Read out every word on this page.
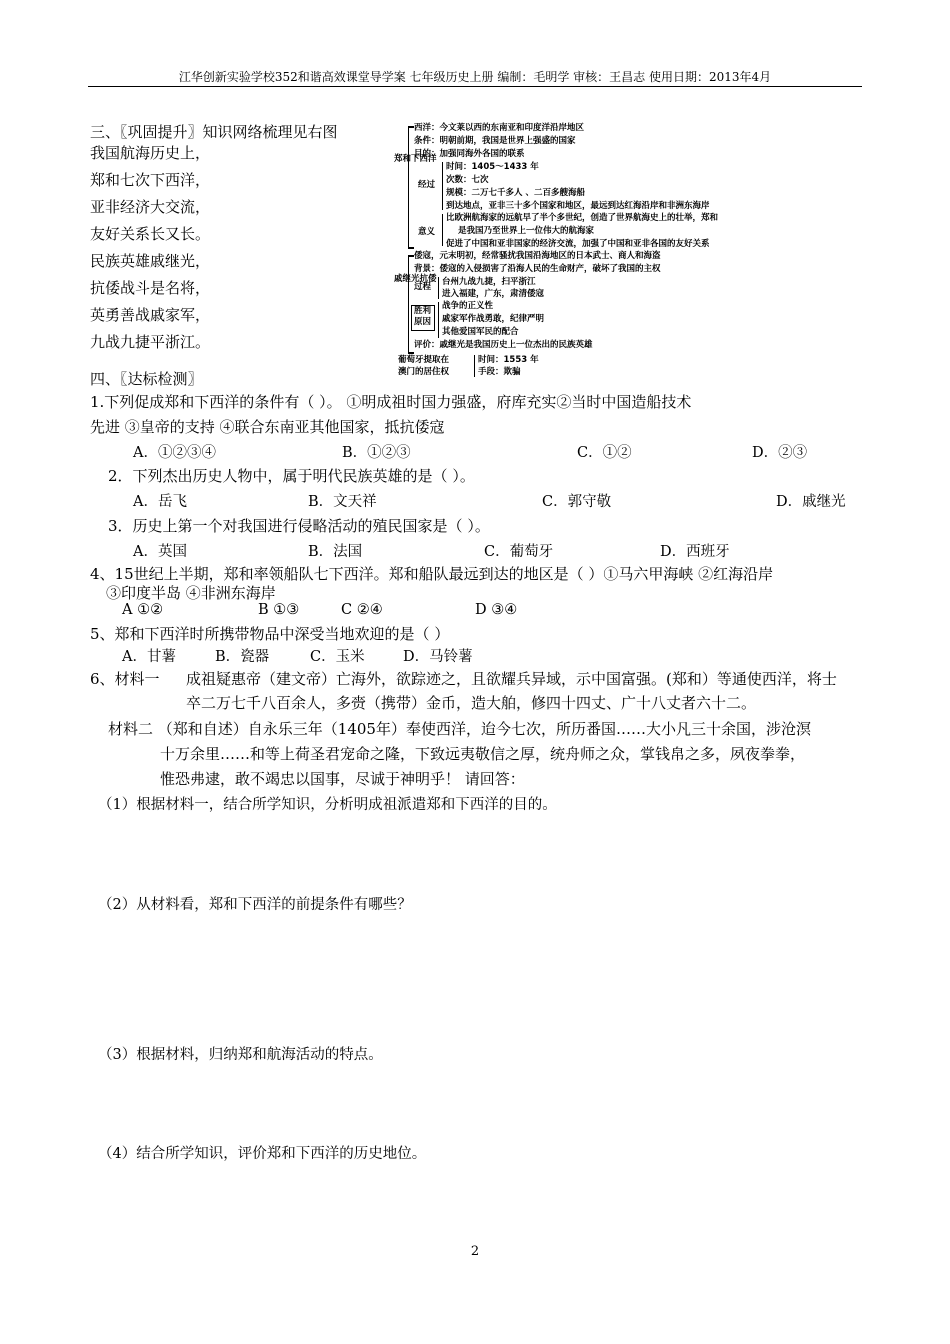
江华创新实验学校352和谐高效课堂导学案 七年级历史上册 编制：毛明学 审核：王昌志 使用日期：2013年4月
三、〖巩固提升〗知识网络梳理见右图
我国航海历史上，
郑和七次下西洋，
亚非经济大交流，
友好关系长又长。
民族英雄戚继光，
抗倭战斗是名将，
英勇善战戚家军，
九战九捷平浙江。
郑和下西洋
西洋：今文莱以西的东南亚和印度洋沿岸地区
条件：明朝前期，我国是世界上强盛的国家
目的：加强同海外各国的联系
经过
时间：1405～1433 年
次数：七次
规模：二万七千多人 、二百多艘海船
到达地点，亚非三十多个国家和地区，最远到达红海沿岸和非洲东海岸
意义
比欧洲航海家的远航早了半个多世纪，创造了世界航海史上的壮举，郑和
是我国乃至世界上一位伟大的航海家
促进了中国和亚非国家的经济交流，加强了中国和亚非各国的友好关系
戚继光抗倭
倭寇，元末明初，经常骚扰我国沿海地区的日本武士、商人和海盗
背景：倭寇的入侵损害了沿海人民的生命财产，破坏了我国的主权
过程 台州九战九捷，扫平浙江
进入福建，广东，肃清倭寇
胜利原因
战争的正义性
戚家军作战勇敢，纪律严明
其他爱国军民的配合
评价：戚继光是我国历史上一位杰出的民族英雄
葡萄牙提取在
澳门的居住权
时间：1553 年
手段：欺骗
四、〖达标检测〗
1.下列促成郑和下西洋的条件有（ ）。 ①明成祖时国力强盛，府库充实②当时中国造船技术
先进 ③皇帝的支持 ④联合东南亚其他国家，抵抗倭寇
A．①②③④	B．①②③	C．①②	D．②③
2．下列杰出历史人物中，属于明代民族英雄的是（ ）。
A．岳飞	B．文天祥	C．郭守敬	D．戚继光
3．历史上第一个对我国进行侵略活动的殖民国家是（ ）。
A．英国	B．法国	C．葡萄牙	D．西班牙
4、15世纪上半期，郑和率领船队七下西洋。郑和船队最远到达的地区是（ ）①马六甲海峡 ②红海沿岸
③印度半岛 ④非洲东海岸
A ①②	B ①③	C ②④	D ③④
5、郑和下西洋时所携带物品中深受当地欢迎的是（ ）
A．甘薯	B．瓷器	C．玉米	D．马铃薯
6、材料一 成祖疑惠帝（建文帝）亡海外，欲踪迹之，且欲耀兵异域，示中国富强。(郑和）等通使西洋，将士
卒二万七千八百余人，多赍（携带）金币，造大舶，修四十四丈、广十八丈者六十二。
材料二 （郑和自述）自永乐三年（1405年）奉使西洋，迨今七次，所历番国……大小凡三十余国，涉沧溟
十万余里……和等上荷圣君宠命之隆，下致远夷敬信之厚，统舟师之众，掌钱帛之多，夙夜拳拳，
惟恐弗逮，敢不竭忠以国事，尽诚于神明乎！ 请回答：
（1）根据材料一，结合所学知识，分析明成祖派遣郑和下西洋的目的。
（2）从材料看，郑和下西洋的前提条件有哪些？
（3）根据材料，归纳郑和航海活动的特点。
（4）结合所学知识，评价郑和下西洋的历史地位。
2
